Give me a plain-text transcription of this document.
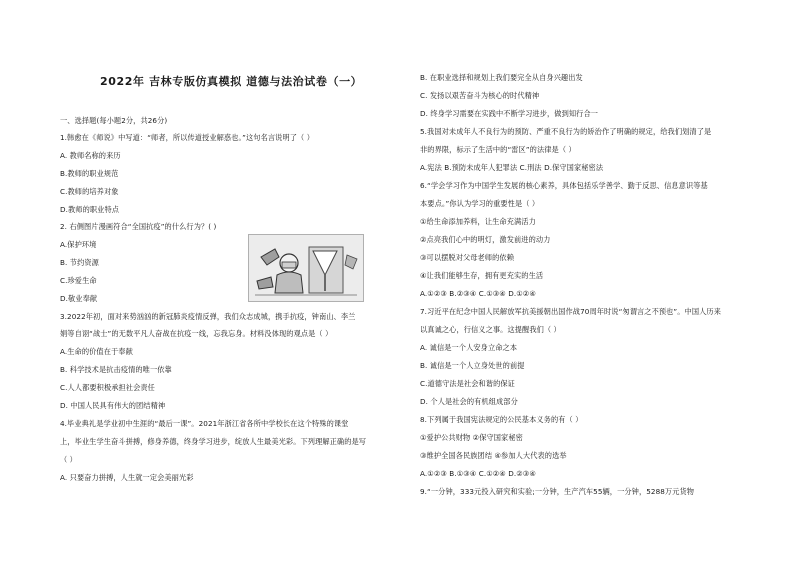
2022年 吉林专版仿真模拟 道德与法治试卷（一）
一、选择题(每小题2分，共26分)
1.韩愈在《师说》中写道：“师者，所以传道授业解惑也。”这句名言说明了（ ）
A. 教师名称的来历
B.教师的职业规范
C.教师的培养对象
D.教师的职业特点
2. 右侧图片漫画符合“全国抗疫”的什么行为？( )
A.保护环境
B. 节约资源
C.珍爱生命
D.敬业奉献
3.2022年初，面对来势汹汹的新冠肺炎疫情反弹，我们众志成城，携手抗疫，钟南山、李兰
娟等自诩“战士”的无数平凡人奋战在抗疫一线，忘我忘身。材料没体现的观点是（ ）
A.生命的价值在于奉献
B. 科学技术是抗击疫情的唯一依靠
C.人人都要积极承担社会责任
D. 中国人民具有伟大的团结精神
4.毕业典礼是学业初中生涯的“最后一课”。2021年浙江省各所中学校长在这个特殊的课堂
上，毕业生学生奋斗拼搏，修身养德，终身学习进步，绽放人生最美光彩。下列理解正确的是写
（ ）
A. 只要奋力拼搏，人生就一定会美丽光彩
B. 在职业选择和规划上我们要完全从自身兴趣出发
C. 发扬以艰苦奋斗为核心的时代精神
D. 终身学习需要在实践中不断学习进步，做到知行合一
5.我国对未成年人不良行为的预防、严重不良行为的矫治作了明确的规定，给我们划清了是
非的界限，标示了生活中的“雷区”的法律是（ ）
A.宪法 B.预防未成年人犯罪法 C.刑法 D.保守国家秘密法
6.“学会学习作为中国学生发展的核心素养，具体包括乐学善学、勤于反思、信息意识等基
本要点。”你认为学习的重要性是（ ）
①给生命添加养料，让生命充满活力
②点亮我们心中的明灯，激发前进的动力
③可以摆脱对父母老师的依赖
④让我们能够生存，拥有更充实的生活
A.①②③ B.②③④ C.①③④ D.①②④
7.习近平在纪念中国人民解放军抗美援朝出国作战70周年时说“匆谓言之不预也”。中国人历来
以真诚之心，行信义之事。这提醒我们（ ）
A. 诚信是一个人安身立命之本
B. 诚信是一个人立身处世的前提
C.道德守法是社会和谐的保证
D. 个人是社会的有机组成部分
8.下列属于我国宪法规定的公民基本义务的有（ ）
①爱护公共财物 ②保守国家秘密
③维护全国各民族团结 ④参加人大代表的选举
A.①②③ B.①③④ C.①②④ D.②③④
9.“一分钟，333元投入研究和实验;一分钟，生产汽车55辆，一分钟，5288万元货物
